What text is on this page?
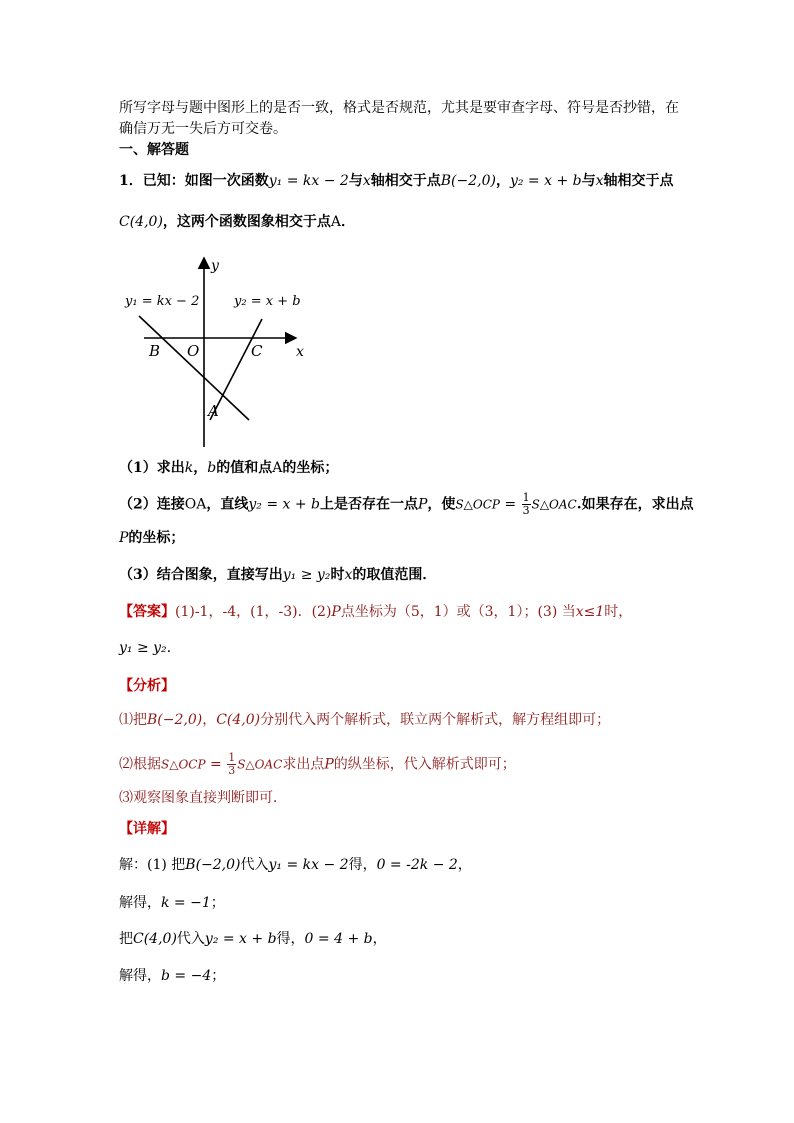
所写字母与题中图形上的是否一致，格式是否规范，尤其是要审查字母、符号是否抄错，在
确信万无一失后方可交卷。
一、解答题
1．已知：如图一次函数y₁ = kx − 2与x轴相交于点B(−2,0)，y₂ = x + b与x轴相交于点
C(4,0)，这两个函数图象相交于点A．
y
x
y₁ = kx − 2	y₂ = x + b
B O	C
A
（1）求出k，b的值和点A的坐标；
（2）连接OA，直线y₂ = x + b上是否存在一点P，使S△OCP = $\frac{1}{3}$ S△OAC.如果存在，求出点
P的坐标；
（3）结合图象，直接写出y₁ ≥ y₂时x的取值范围．
【答案】(1)-1，-4，(1，-3)．(2)P点坐标为（5，1）或（3，1）；(3) 当x≤1时，
y₁ ≥ y₂．
【分析】
⑴把B(−2,0)，C(4,0)分别代入两个解析式，联立两个解析式，解方程组即可；
⑵根据S△OCP = $\frac{1}{3}$ S△OAC求出点P的纵坐标，代入解析式即可；
⑶观察图象直接判断即可．
【详解】
解：(1) 把B(−2,0)代入y₁ = kx − 2得，0 = -2k − 2，
解得，k = −1；
把C(4,0)代入y₂ = x + b得，0 = 4 + b，
解得，b = −4；
